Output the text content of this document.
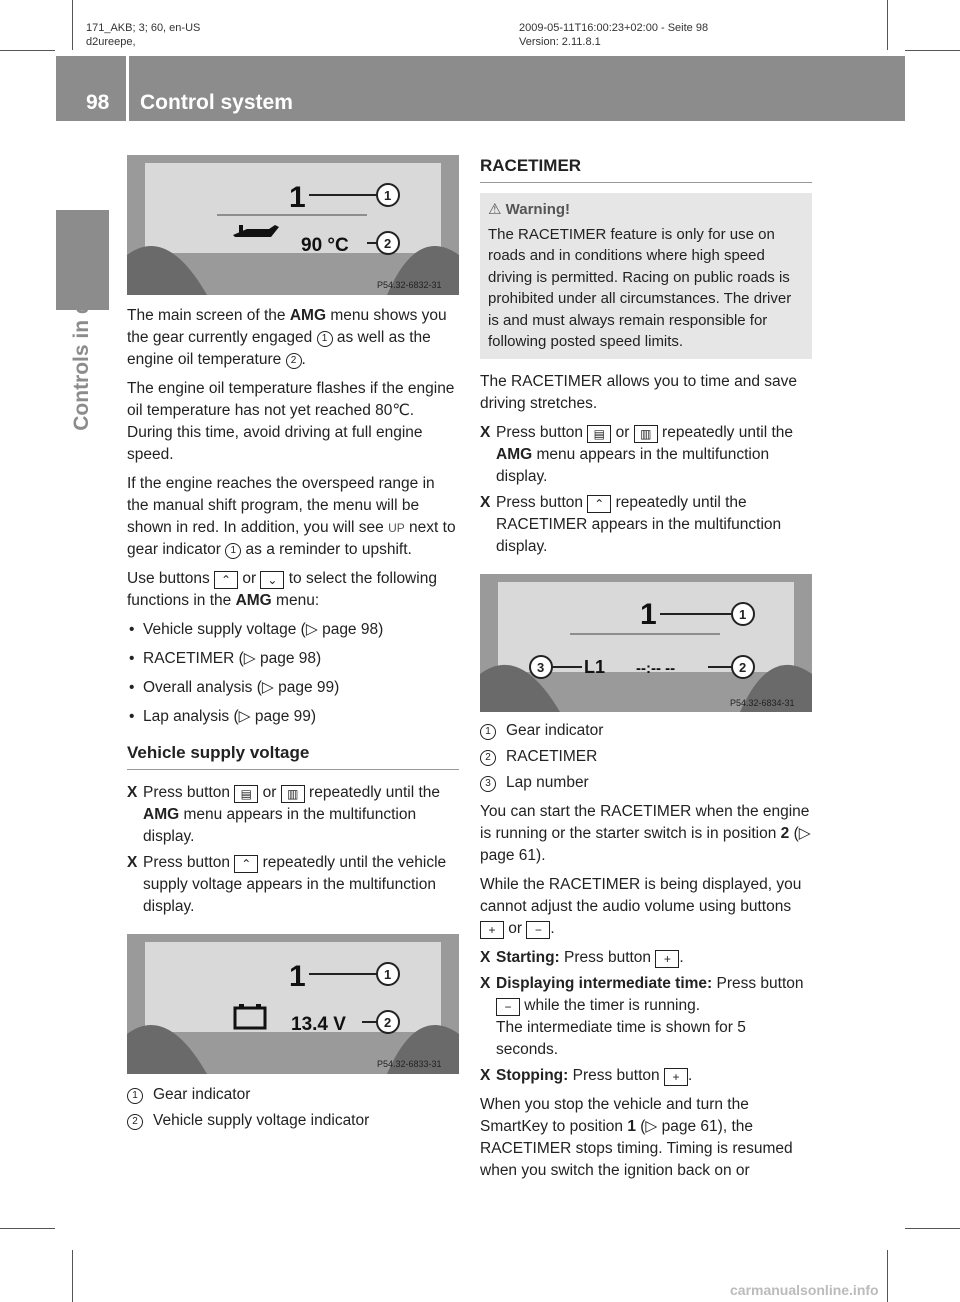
171_AKB; 3; 60, en-US
d2ureepe,
2009-05-11T16:00:23+02:00 - Seite 98
Version: 2.11.8.1
98 Control system
Controls in detail
1	1
90 °C	2
P54.32-6832-31

The main screen of the AMG menu shows you the gear currently engaged 1 as well as the engine oil temperature 2 .

The engine oil temperature flashes if the engine oil temperature has not yet reached 80℃. During this time, avoid driving at full engine speed.

If the engine reaches the overspeed range in the manual shift program, the menu will be shown in red. In addition, you will see UP next to gear indicator 1 as a reminder to upshift.

Use buttons ⌃ or ⌄ to select the following functions in the AMG menu:

• Vehicle supply voltage (▷ page 98)
• RACETIMER (▷ page 98)
• Overall analysis (▷ page 99)
• Lap analysis (▷ page 99)
Vehicle supply voltage
X Press button ▤ or ▥ repeatedly until the AMG menu appears in the multifunction display.
X Press button ⌃ repeatedly until the vehicle supply voltage appears in the multifunction display.
1	1
13.4 V	2
P54.32-6833-31
1 Gear indicator
2 Vehicle supply voltage indicator
RACETIMER
⚠ Warning!
The RACETIMER feature is only for use on roads and in conditions where high speed driving is permitted. Racing on public roads is prohibited under all circumstances. The driver is and must always remain responsible for following posted speed limits.

The RACETIMER allows you to time and save driving stretches.

X Press button ▤ or ▥ repeatedly until the AMG menu appears in the multifunction display.
X Press button ⌃ repeatedly until the RACETIMER appears in the multifunction display.
1	1
3 L1 --:-- --	2
P54.32-6834-31
1 Gear indicator
2 RACETIMER
3 Lap number

You can start the RACETIMER when the engine is running or the starter switch is in position 2 (▷ page 61).

While the RACETIMER is being displayed, you cannot adjust the audio volume using buttons + or − .

X Starting: Press button + .
X Displaying intermediate time: Press button − while the timer is running.
The intermediate time is shown for 5 seconds.
X Stopping: Press button + .

When you stop the vehicle and turn the SmartKey to position 1 (▷ page 61), the RACETIMER stops timing. Timing is resumed when you switch the ignition back on or

carmanualsonline.info
